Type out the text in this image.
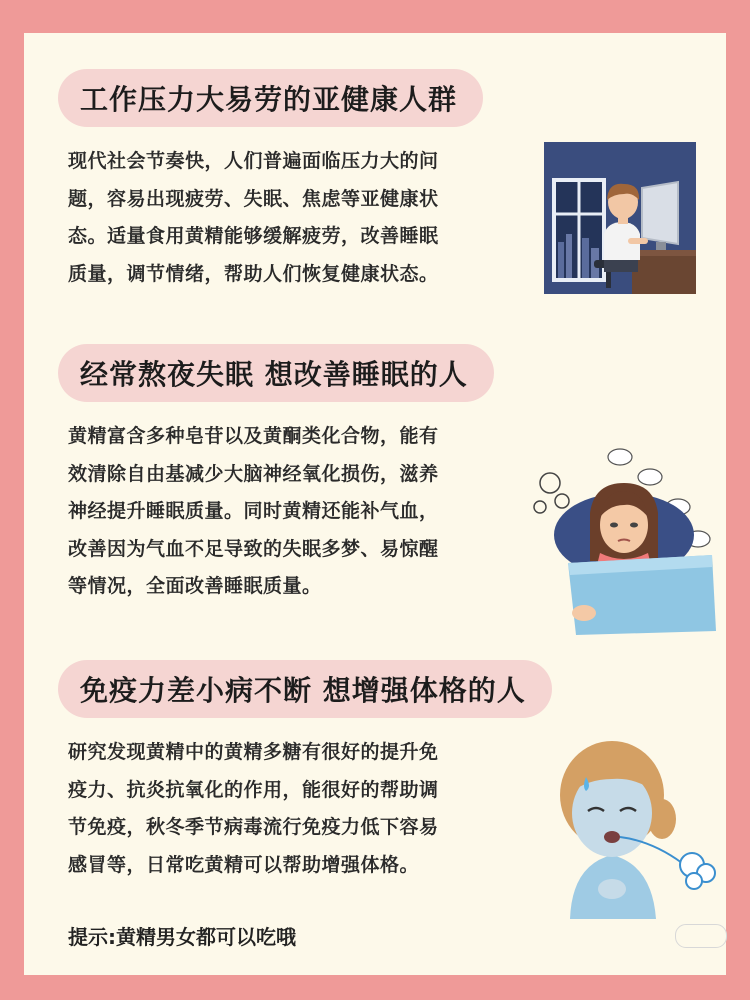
工作压力大易劳的亚健康人群
现代社会节奏快，人们普遍面临压力大的问
题，容易出现疲劳、失眠、焦虑等亚健康状
态。适量食用黄精能够缓解疲劳，改善睡眠
质量，调节情绪，帮助人们恢复健康状态。
经常熬夜失眠 想改善睡眠的人
黄精富含多种皂苷以及黄酮类化合物，能有
效清除自由基减少大脑神经氧化损伤，滋养
神经提升睡眠质量。同时黄精还能补气血，
改善因为气血不足导致的失眠多梦、易惊醒
等情况，全面改善睡眠质量。
免疫力差小病不断 想增强体格的人
研究发现黄精中的黄精多糖有很好的提升免
疫力、抗炎抗氧化的作用，能很好的帮助调
节免疫，秋冬季节病毒流行免疫力低下容易
感冒等，日常吃黄精可以帮助增强体格。
提示:黄精男女都可以吃哦
